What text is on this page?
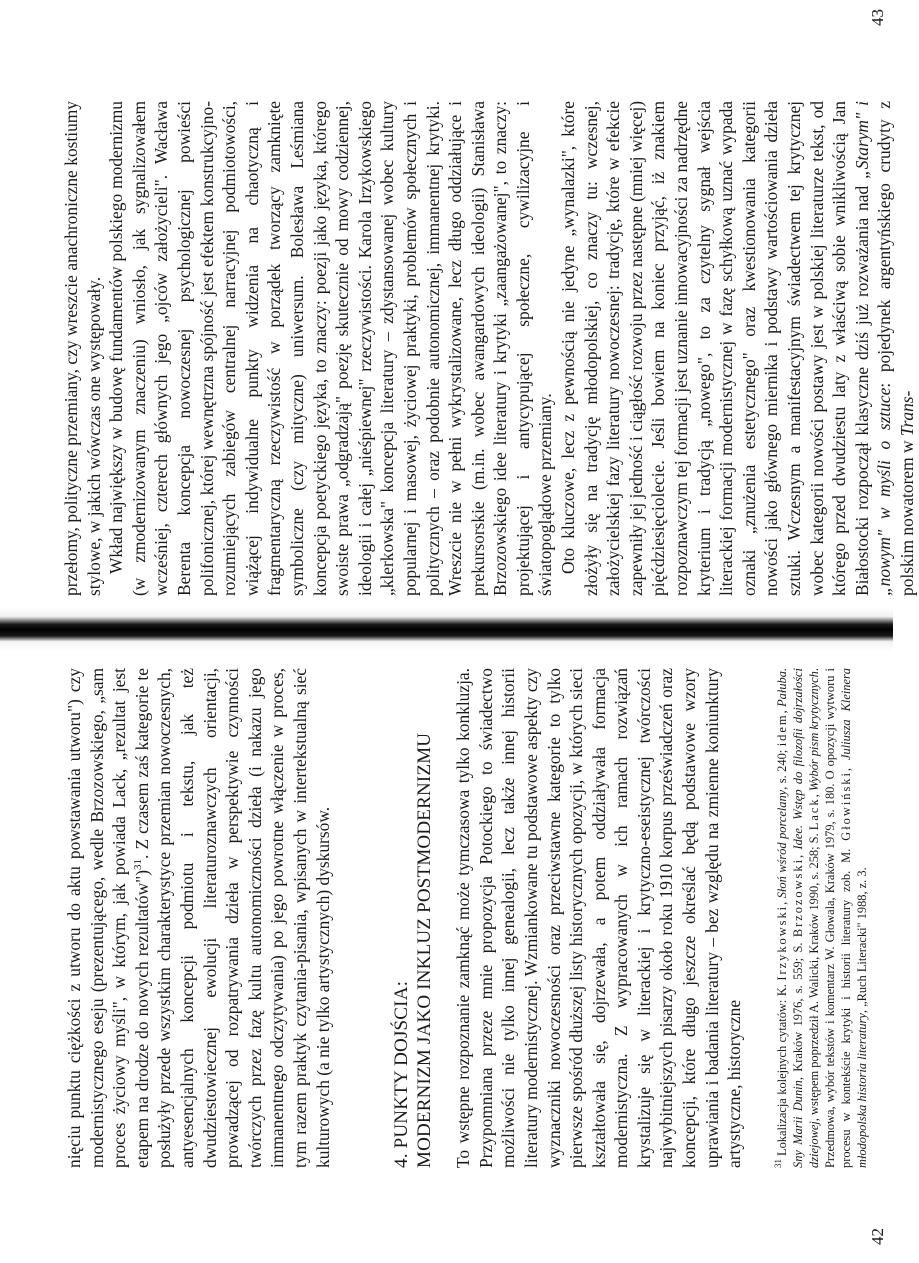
nięciu punktu ciężkości z utworu do aktu powstawania utworu") czy modernistycznego eseju (prezentującego, wedle Brzozowskiego, „sam proces życiowy myśli", w którym, jak powiada Lack, „rezultat jest etapem na drodze do nowych rezultatów")$^{31}$. Z czasem zaś kategorie te posłużyły przede wszystkim charakterystyce przemian nowoczesnych, antyesencjalnych koncepcji podmiotu i tekstu, jak też dwudziestowiecznej ewolucji literaturoznawczych orientacji, prowadzącej od rozpatrywania dzieła w perspektywie czynności twórczych przez fazę kultu autonomiczności dzieła (i nakazu jego immanentnego odczytywania) po jego powrotne włączenie w proces, tym razem praktyk czytania-pisania, wpisanych w intertekstualną sieć kulturowych (a nie tylko artystycznych) dyskursów.	4. PUNKTY DOJŚCIA: MODERNIZM JAKO INKLUZ POSTMODERNIZMU To wstępne rozpoznanie zamknąć może tymczasowa tylko konkluzja. Przypomniana przeze mnie propozycja Potockiego to świadectwo możliwości nie tylko innej genealogii, lecz także innej historii literatury modernistycznej. Wzmiankowane tu podstawowe aspekty czy wyznaczniki nowoczesności oraz przeciwstawne kategorie to tylko pierwsze spośród dłuższej listy historycznych opozycji, w których sieci kształtowała się, dojrzewała, a potem oddziaływała formacja modernistyczna. Z wypracowanych w ich ramach rozwiązań krystalizuje się w literackiej i krytyczno-eseistycznej twórczości najwybitniejszych pisarzy około roku 1910 korpus przeświadczeń oraz koncepcji, które długo jeszcze określać będą podstawowe wzory uprawiania i badania literatury – bez względu na zmienne koniunktury artystyczne, historyczne	$^{31}$Lokalizacja kolejnych cytatów: K. Irzykowski, Słoń wśród porcelany, s. 240; idem, Pałuba. Sny Marii Dunin, Kraków 1976, s. 559; S. Brzozowski, Idee. Wstęp do filozofii dojrzałości dziejowej, wstępem poprzedził A. Walicki, Kraków 1990, s. 258; S. Lack, Wybór pism krytycznych. Przedmowa, wybór tekstów i komentarz W. Głowala, Kraków 1979, s. 180. O opozycji wytworu i procesu w kontekście krytyki i historii literatury zob. M. Głowiński, Juliusza Kleinera młodopolska historia literatury, „Ruch Literacki" 1988, z. 3.
42

przełomy, polityczne przemiany, czy wreszcie anachroniczne kostiumy stylowe, w jakich wówczas one występowały. Wkład największy w budowę fundamentów polskiego modernizmu (w zmodernizowanym znaczeniu) wniosło, jak sygnalizowałem wcześniej, czterech głównych jego „ojców założycieli". Wacława Berenta koncepcja nowoczesnej psychologicznej powieści polifonicznej, której wewnętrzna spójność jest efektem konstrukcyjno-rozumiejących zabiegów centralnej narracyjnej podmiotowości, wiążącej indywidualne punkty widzenia na chaotyczną i fragmentaryczną rzeczywistość w porządek tworzący zamknięte symboliczne (czy mityczne) uniwersum. Bolesława Leśmiana koncepcja poetyckiego języka, to znaczy: poezji jako języka, którego swoiste prawa „odgradzają" poezję skutecznie od mowy codziennej, ideologii i całej „nieśpiewnej" rzeczywistości. Karola Irzykowskiego „klerkowska" koncepcja literatury – zdystansowanej wobec kultury popularnej i masowej, życiowej praktyki, problemów społecznych i politycznych – oraz podobnie autonomicznej, immanentnej krytyki. Wreszcie nie w pełni wykrystalizowane, lecz długo oddziałujące i prekursorskie (m.in. wobec awangardowych ideologii) Stanisława Brzozowskiego idee literatury i krytyki „zaangażowanej", to znaczy: projektującej i antycypującej społeczne, cywilizacyjne i światopoglądowe przemiany. Oto kluczowe, lecz z pewnością nie jedyne „wynalazki", które złożyły się na tradycję młodopolskiej, co znaczy tu: wczesnej, założycielskiej fazy literatury nowoczesnej: tradycję, które w efekcie zapewniły jej jedność i ciągłość rozwoju przez następne (mniej więcej) pięćdziesięciolecie. Jeśli bowiem na koniec przyjąć, iż znakiem rozpoznawczym tej formacji jest uznanie innowacyjności za nadrzędne kryterium i tradycją „nowego", to za czytelny sygnał wejścia literackiej formacji modernistycznej w fazę schyłkową uznać wypada oznaki „znużenia estetycznego" oraz kwestionowania kategorii nowości jako głównego miernika i podstawy wartościowania dzieła sztuki. Wczesnym a manifestacyjnym świadectwem tej krytycznej wobec kategorii nowości postawy jest w polskiej literaturze tekst, od którego przed dwudziestu laty z właściwą sobie wnikliwością Jan Białostocki rozpoczął klasyczne dziś już rozważania nad „Starym" i „nowym" w myśli o sztuce: pojedynek argentyńskiego crudyty z polskim nowatorem w Trans-

43
